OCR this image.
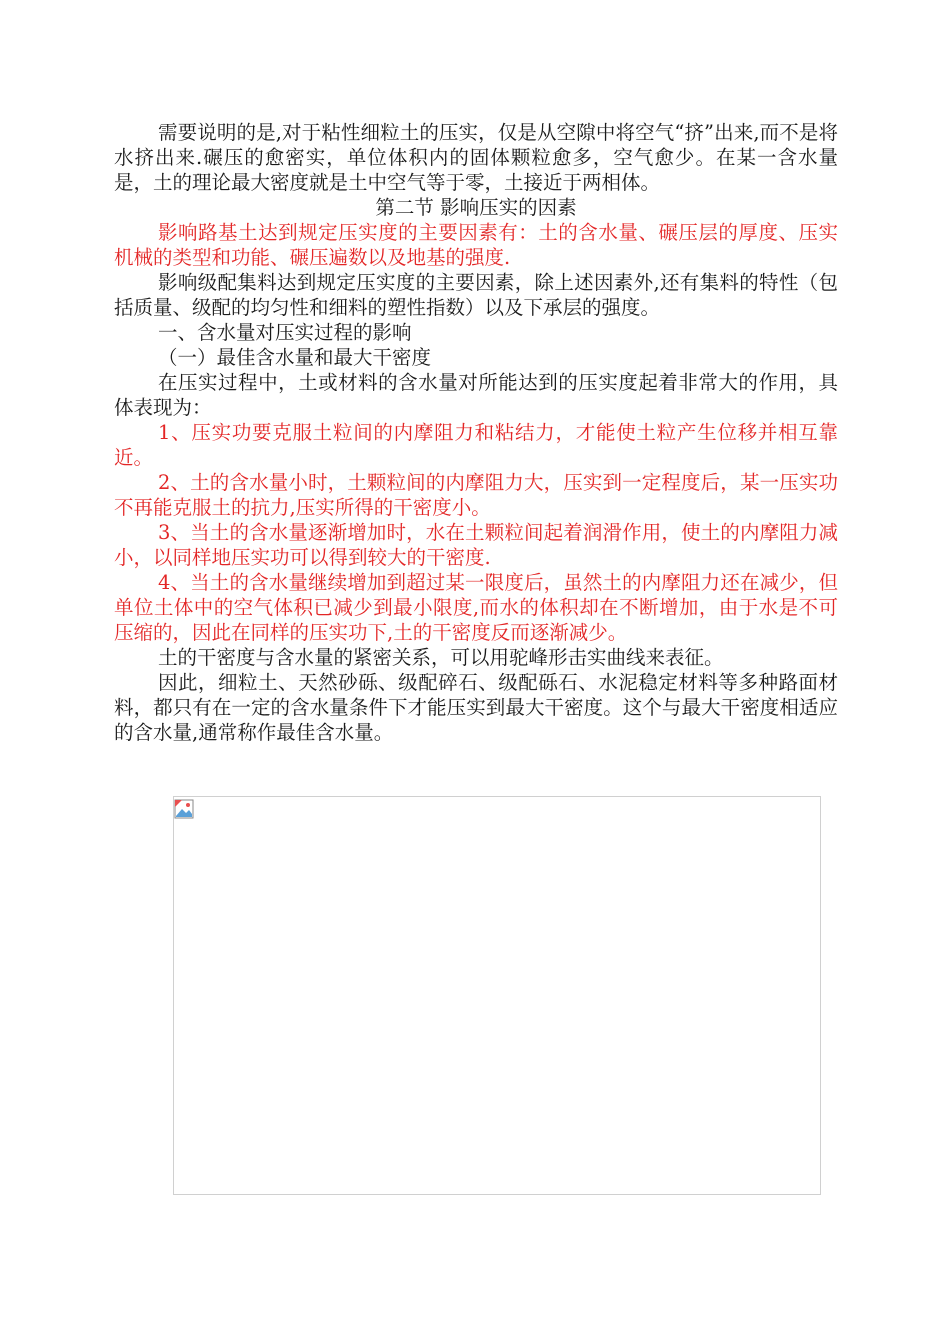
需要说明的是,对于粘性细粒土的压实，仅是从空隙中将空气“挤”出来,而不是将水挤出来.碾压的愈密实，单位体积内的固体颗粒愈多，空气愈少。在某一含水量是，土的理论最大密度就是土中空气等于零，土接近于两相体。

第二节 影响压实的因素

影响路基土达到规定压实度的主要因素有：土的含水量、碾压层的厚度、压实机械的类型和功能、碾压遍数以及地基的强度.

影响级配集料达到规定压实度的主要因素，除上述因素外,还有集料的特性（包括质量、级配的均匀性和细料的塑性指数）以及下承层的强度。

一、含水量对压实过程的影响

（一）最佳含水量和最大干密度

在压实过程中，土或材料的含水量对所能达到的压实度起着非常大的作用，具体表现为：

1、压实功要克服土粒间的内摩阻力和粘结力，才能使土粒产生位移并相互靠近。

2、土的含水量小时，土颗粒间的内摩阻力大，压实到一定程度后，某一压实功不再能克服土的抗力,压实所得的干密度小。

3、当土的含水量逐渐增加时，水在土颗粒间起着润滑作用，使土的内摩阻力减小，以同样地压实功可以得到较大的干密度.

4、当土的含水量继续增加到超过某一限度后，虽然土的内摩阻力还在减少，但单位土体中的空气体积已减少到最小限度,而水的体积却在不断增加，由于水是不可压缩的，因此在同样的压实功下,土的干密度反而逐渐减少。

土的干密度与含水量的紧密关系，可以用驼峰形击实曲线来表征。

因此，细粒土、天然砂砾、级配碎石、级配砾石、水泥稳定材料等多种路面材料，都只有在一定的含水量条件下才能压实到最大干密度。这个与最大干密度相适应的含水量,通常称作最佳含水量。
